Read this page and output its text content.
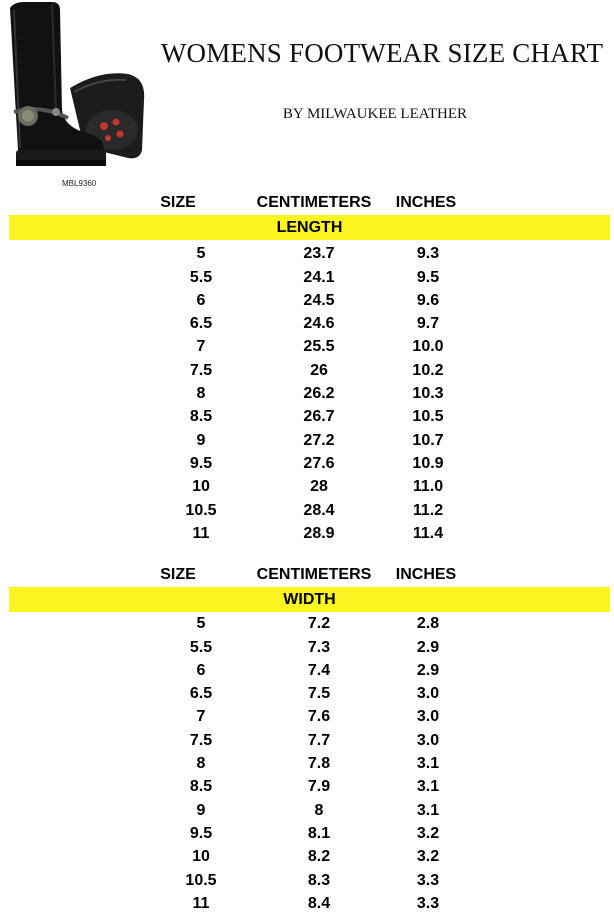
MBL9360
WOMENS FOOTWEAR SIZE CHART
BY MILWAUKEE LEATHER
SIZE	CENTIMETERS	INCHES
LENGTH
5	23.7	9.3
5.5	24.1	9.5
6	24.5	9.6
6.5	24.6	9.7
7	25.5	10.0
7.5	26	10.2
8	26.2	10.3
8.5	26.7	10.5
9	27.2	10.7
9.5	27.6	10.9
10	28	11.0
10.5	28.4	11.2
11	28.9	11.4
SIZE	CENTIMETERS	INCHES
WIDTH
5	7.2	2.8
5.5	7.3	2.9
6	7.4	2.9
6.5	7.5	3.0
7	7.6	3.0
7.5	7.7	3.0
8	7.8	3.1
8.5	7.9	3.1
9	8	3.1
9.5	8.1	3.2
10	8.2	3.2
10.5	8.3	3.3
11	8.4	3.3
